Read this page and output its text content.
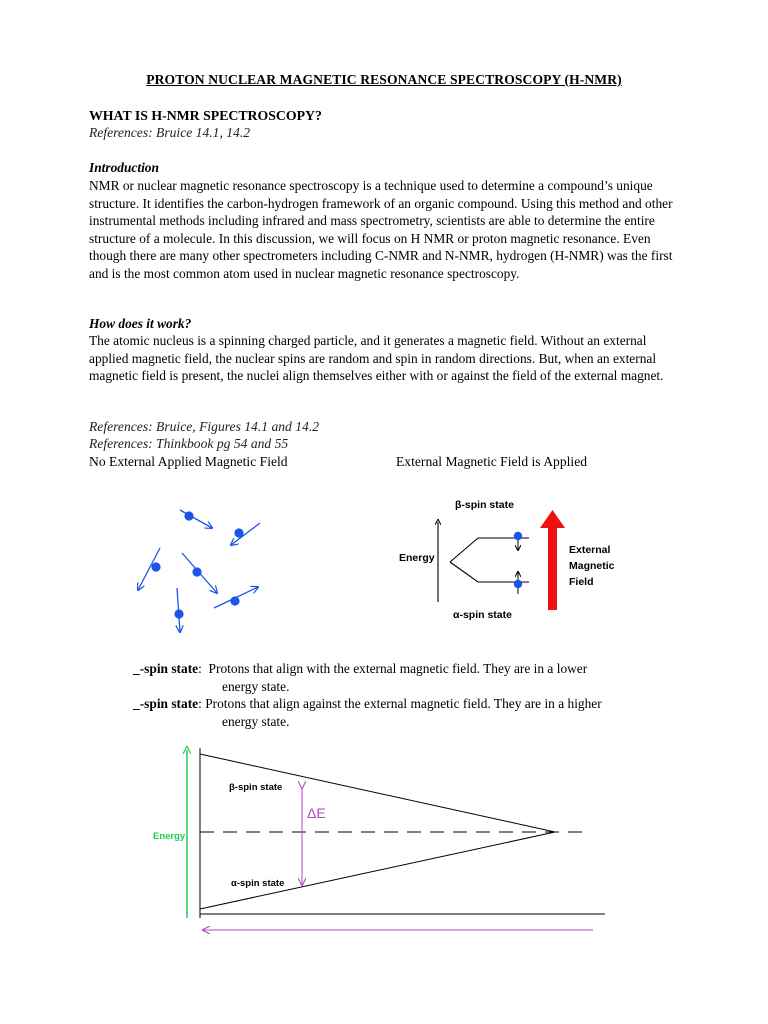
PROTON NUCLEAR MAGNETIC RESONANCE SPECTROSCOPY (H-NMR)
WHAT IS H-NMR SPECTROSCOPY?
References: Bruice 14.1, 14.2
Introduction

NMR or nuclear magnetic resonance spectroscopy is a technique used to determine a compound’s unique structure. It identifies the carbon-hydrogen framework of an organic compound. Using this method and other instrumental methods including infrared and mass spectrometry, scientists are able to determine the entire structure of a molecule. In this discussion, we will focus on H NMR or proton magnetic resonance. Even though there are many other spectrometers including C-NMR and N-NMR, hydrogen (H-NMR) was the first and is the most common atom used in nuclear magnetic resonance spectroscopy.

How does it work?

The atomic nucleus is a spinning charged particle, and it generates a magnetic field. Without an external applied magnetic field, the nuclear spins are random and spin in random directions. But, when an external magnetic field is present, the nuclei align themselves either with or against the field of the external magnet.

References: Bruice, Figures 14.1 and 14.2
References: Thinkbook pg 54 and 55
No External Applied Magnetic Field	External Magnetic Field is Applied
β-spin state
Energy
α-spin state
External
Magnetic
Field
_-spin state: Protons that align with the external magnetic field. They are in a lower
energy state.
_-spin state: Protons that align against the external magnetic field. They are in a higher
energy state.
Energy
ΔE
β-spin state
α-spin state
